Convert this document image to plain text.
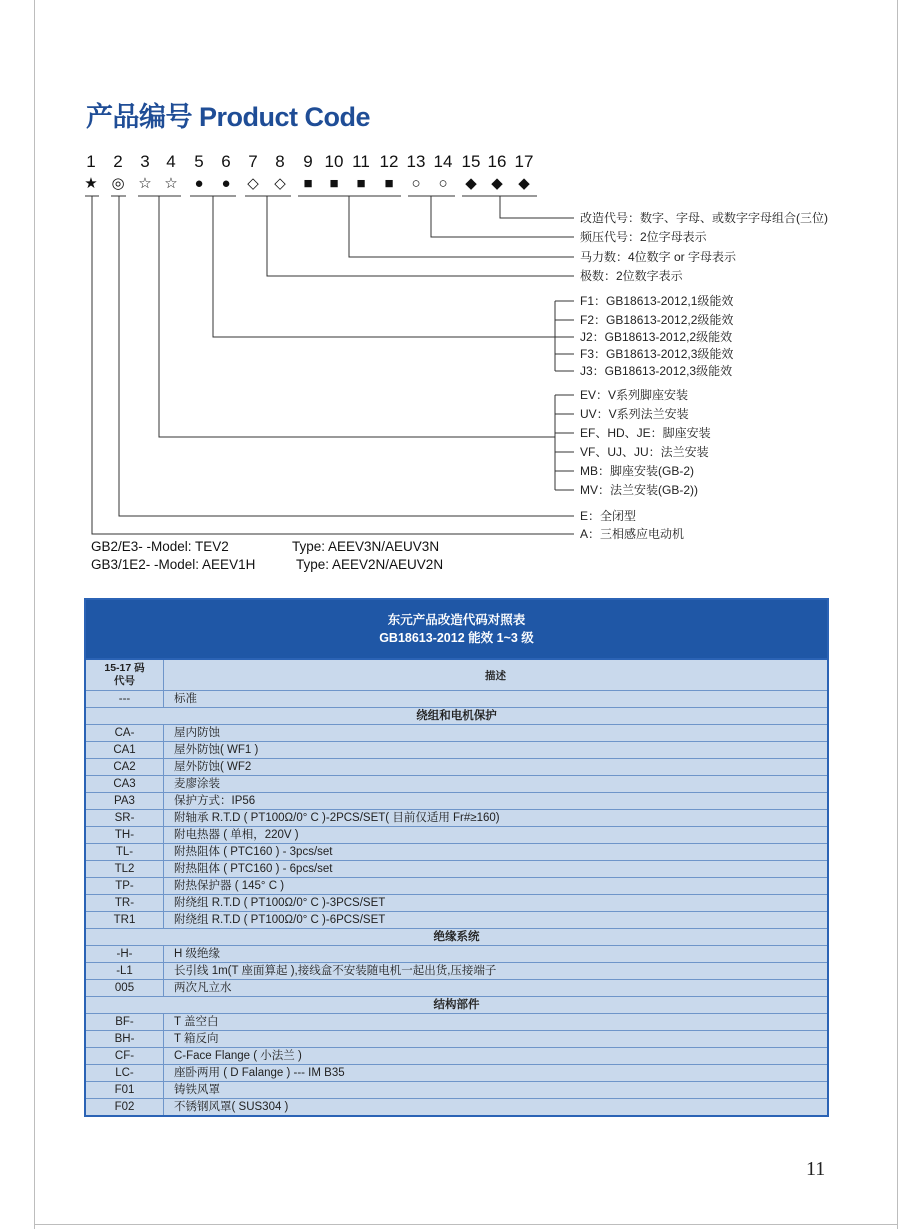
产品编号 Product Code
1
★
2
◎
3
☆
4
☆
5
●
6
●
7
◇
8
◇
9
■
10
■
11
■
12
■
13
○
14
○
15
◆
16
◆
17
◆
改造代号：数字、字母、或数字字母组合(三位)
频压代号：2位字母表示
马力数：4位数字 or 字母表示
极数：2位数字表示
F1：GB18613-2012,1级能效
F2：GB18613-2012,2级能效
J2：GB18613-2012,2级能效
F3：GB18613-2012,3级能效
J3：GB18613-2012,3级能效
EV：V系列脚座安装
UV：V系列法兰安装
EF、HD、JE：脚座安装
VF、UJ、JU：法兰安装
MB：脚座安装(GB-2)
MV：法兰安装(GB-2))
E：全闭型
A：三相感应电动机
GB2/E3- -Model: TEV2	Type: AEEV3N/AEUV3N
GB3/1E2- -Model: AEEV1H	Type: AEEV2N/AEUV2N
东元产品改造代码对照表
GB18613-2012 能效 1~3 级
15-17 码
代号	描述
---	标准
绕组和电机保护
CA-	屋内防蚀
CA1	屋外防蚀( WF1 )
CA2	屋外防蚀( WF2
CA3	麦廖涂装
PA3	保护方式：IP56
SR-	附轴承 R.T.D ( PT100Ω/0° C )-2PCS/SET( 目前仅适用 Fr#≥160)
TH-	附电热器 ( 单相，220V )
TL-	附热阻体 ( PTC160 ) - 3pcs/set
TL2	附热阻体 ( PTC160 ) - 6pcs/set
TP-	附热保护器 ( 145° C )
TR-	附绕组 R.T.D ( PT100Ω/0° C )-3PCS/SET
TR1	附绕组 R.T.D ( PT100Ω/0° C )-6PCS/SET
绝缘系统
-H-	H 级绝缘
-L1	长引线 1m(T 座面算起 ),接线盒不安装随电机一起出货,压接端子
005	两次凡立水
结构部件
BF-	T 盖空白
BH-	T 箱反向
CF-	C-Face Flange ( 小法兰 )
LC-	座卧两用 ( D Falange ) --- IM B35
F01	铸铁风罩
F02	不锈钢风罩( SUS304 )
11
